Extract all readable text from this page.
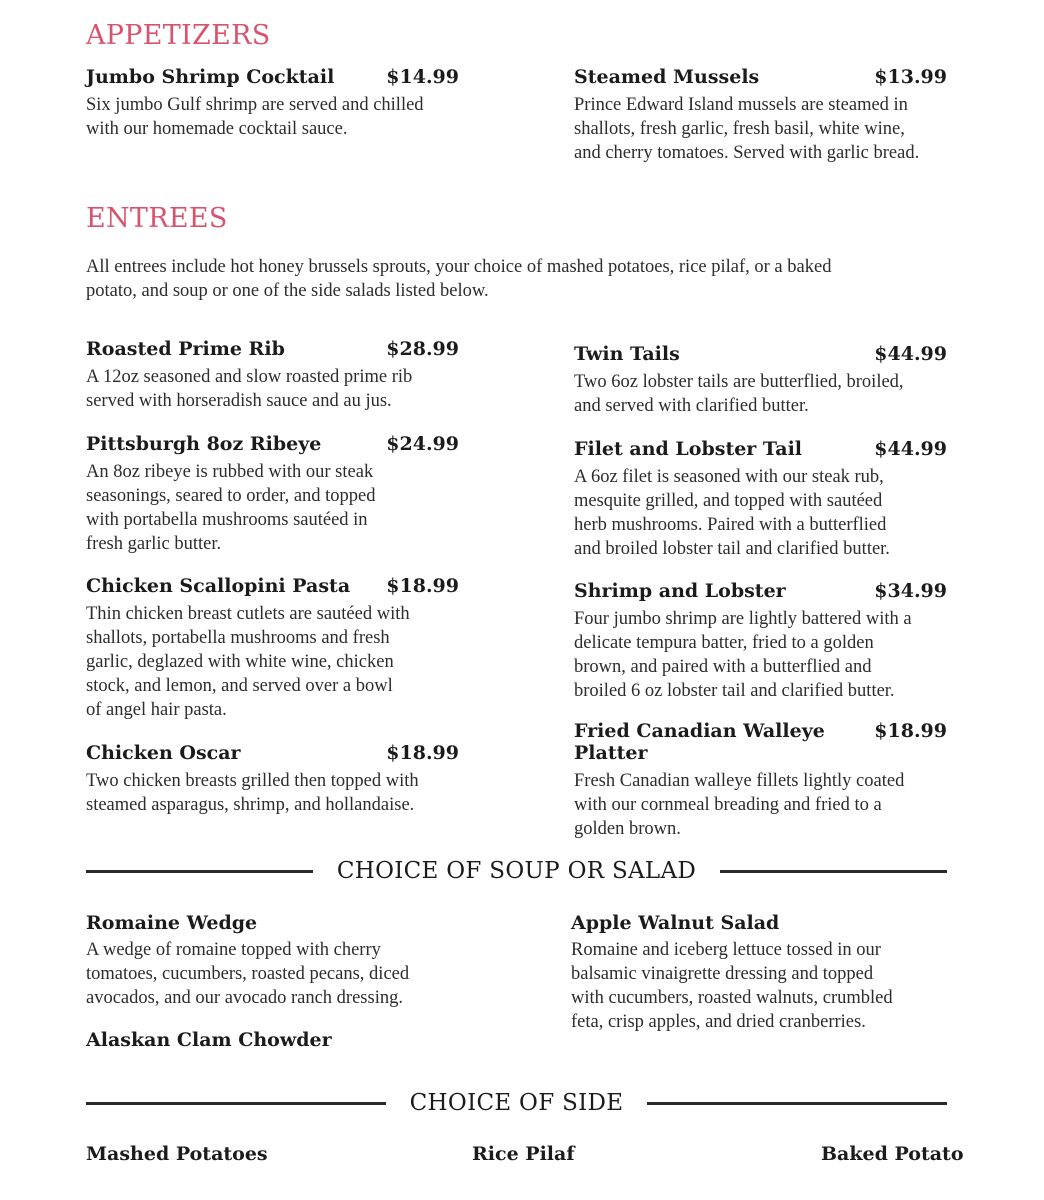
APPETIZERS
Jumbo Shrimp Cocktail	$14.99
Six jumbo Gulf shrimp are served and chilled
with our homemade cocktail sauce.
Steamed Mussels	$13.99
Prince Edward Island mussels are steamed in
shallots, fresh garlic, fresh basil, white wine,
and cherry tomatoes. Served with garlic bread.
ENTREES
All entrees include hot honey brussels sprouts, your choice of mashed potatoes, rice pilaf, or a baked
potato, and soup or one of the side salads listed below.
Roasted Prime Rib	$28.99
A 12oz seasoned and slow roasted prime rib
served with horseradish sauce and au jus.
Pittsburgh 8oz Ribeye	$24.99
An 8oz ribeye is rubbed with our steak
seasonings, seared to order, and topped
with portabella mushrooms sautéed in
fresh garlic butter.
Chicken Scallopini Pasta $18.99
Thin chicken breast cutlets are sautéed with
shallots, portabella mushrooms and fresh
garlic, deglazed with white wine, chicken
stock, and lemon, and served over a bowl
of angel hair pasta.
Chicken Oscar	$18.99
Two chicken breasts grilled then topped with
steamed asparagus, shrimp, and hollandaise.
Twin Tails	$44.99
Two 6oz lobster tails are butterflied, broiled,
and served with clarified butter.
Filet and Lobster Tail	$44.99
A 6oz filet is seasoned with our steak rub,
mesquite grilled, and topped with sautéed
herb mushrooms. Paired with a butterflied
and broiled lobster tail and clarified butter.
Shrimp and Lobster	$34.99
Four jumbo shrimp are lightly battered with a
delicate tempura batter, fried to a golden
brown, and paired with a butterflied and
broiled 6 oz lobster tail and clarified butter.
Fried Canadian Walleye Platter
$18.99
Fresh Canadian walleye fillets lightly coated
with our cornmeal breading and fried to a
golden brown.
CHOICE OF SOUP OR SALAD
Romaine Wedge
A wedge of romaine topped with cherry
tomatoes, cucumbers, roasted pecans, diced
avocados, and our avocado ranch dressing.
Apple Walnut Salad
Romaine and iceberg lettuce tossed in our
balsamic vinaigrette dressing and topped
with cucumbers, roasted walnuts, crumbled
feta, crisp apples, and dried cranberries.
Alaskan Clam Chowder
CHOICE OF SIDE
Mashed Potatoes	Rice Pilaf	Baked Potato
